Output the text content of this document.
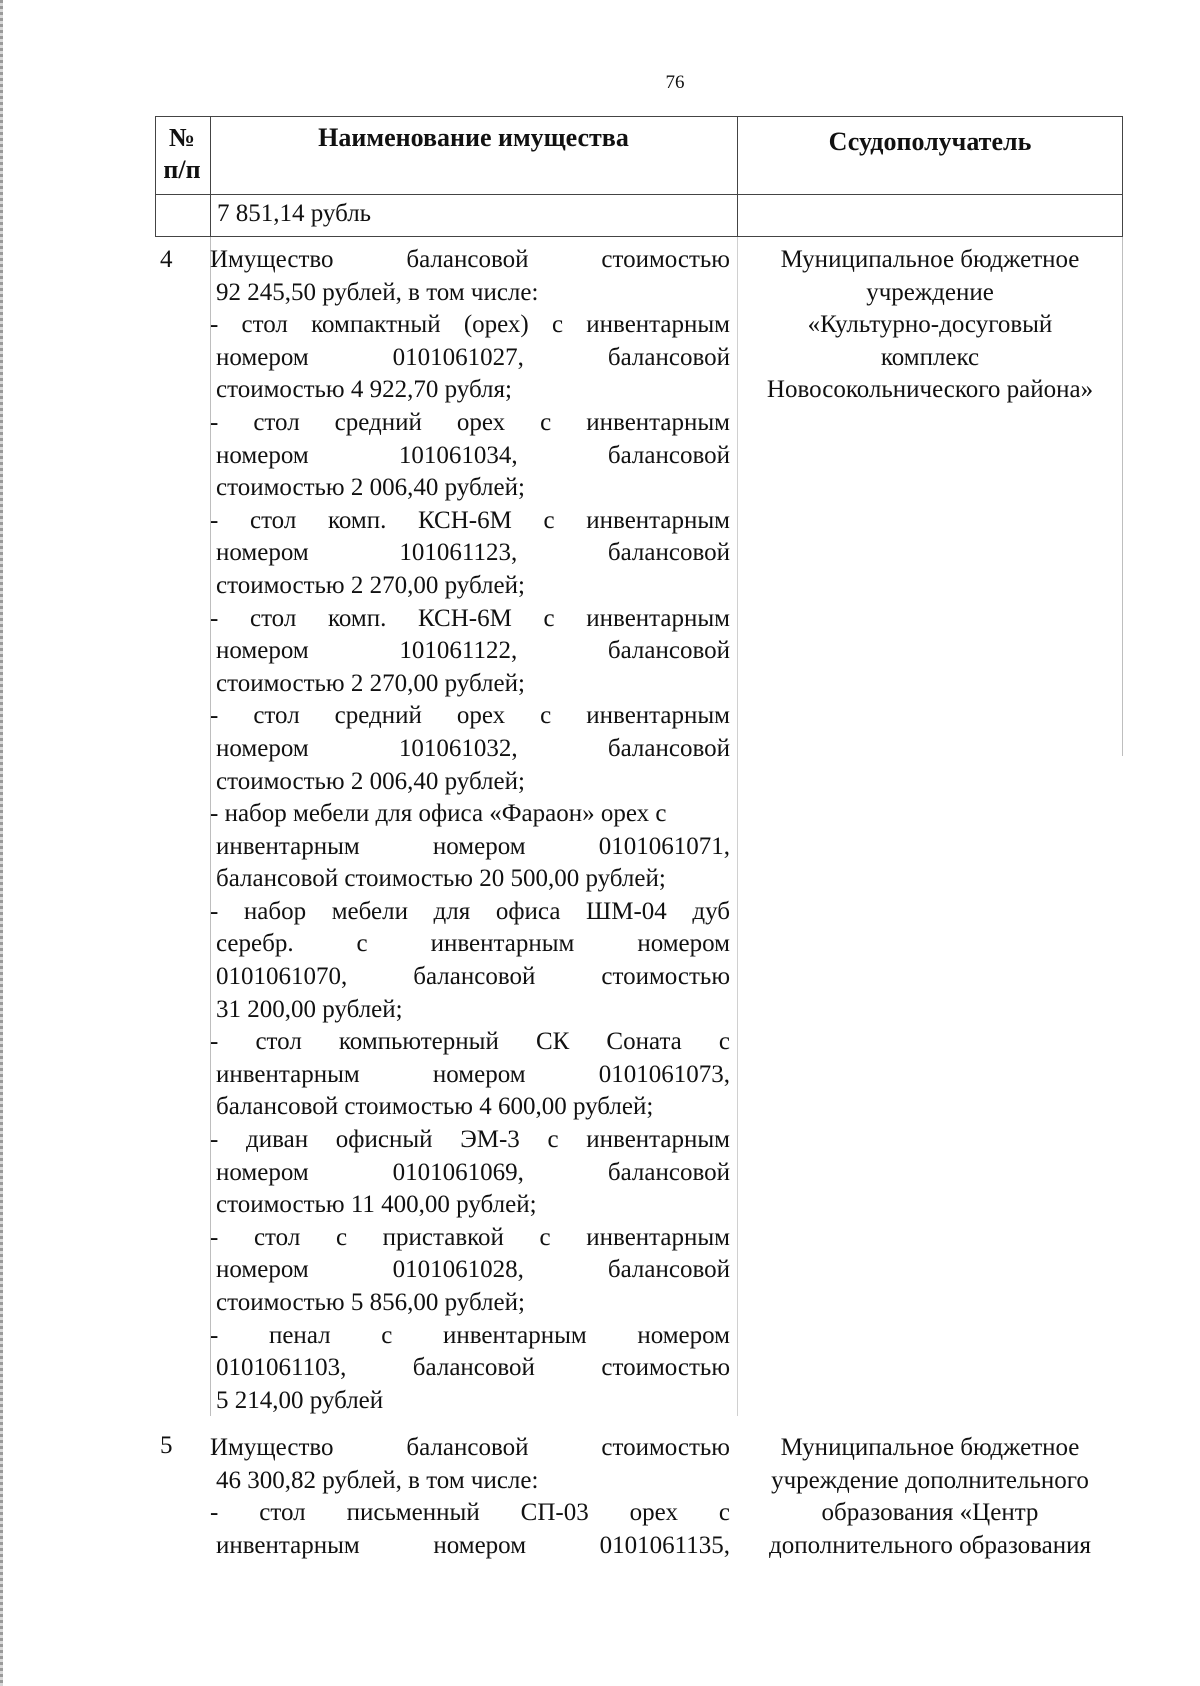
76
№
п/п
Наименование имущества	Ссудополучатель
7 851,14 рубль
4 Имущество балансовой стоимостью
92 245,50 рублей, в том числе:
- стол компактный (орех) с инвентарным
номером 0101061027, балансовой
стоимостью 4 922,70 рубля;
- стол средний орех с инвентарным
номером 101061034, балансовой
стоимостью 2 006,40 рублей;
- стол комп. КСН-6М с инвентарным
номером 101061123, балансовой
стоимостью 2 270,00 рублей;
- стол комп. КСН-6М с инвентарным
номером 101061122, балансовой
стоимостью 2 270,00 рублей;
- стол средний орех с инвентарным
номером 101061032, балансовой
стоимостью 2 006,40 рублей;
- набор мебели для офиса «Фараон» орех с
инвентарным номером 0101061071,
балансовой стоимостью 20 500,00 рублей;
- набор мебели для офиса ШМ-04 дуб
серебр. с инвентарным номером
0101061070, балансовой стоимостью
31 200,00 рублей;
- стол компьютерный СК Соната с
инвентарным номером 0101061073,
балансовой стоимостью 4 600,00 рублей;
- диван офисный ЭМ-3 с инвентарным
номером 0101061069, балансовой
стоимостью 11 400,00 рублей;
- стол с приставкой с инвентарным
номером 0101061028, балансовой
стоимостью 5 856,00 рублей;
- пенал с инвентарным номером
0101061103, балансовой стоимостью
5 214,00 рублей
Муниципальное бюджетное
учреждение
«Культурно-досуговый
комплекс
Новосокольнического района»
5 Имущество балансовой стоимостью
46 300,82 рублей, в том числе:
- стол письменный СП-03 орех с
инвентарным номером 0101061135,
Муниципальное бюджетное
учреждение дополнительного
образования «Центр
дополнительного образования
